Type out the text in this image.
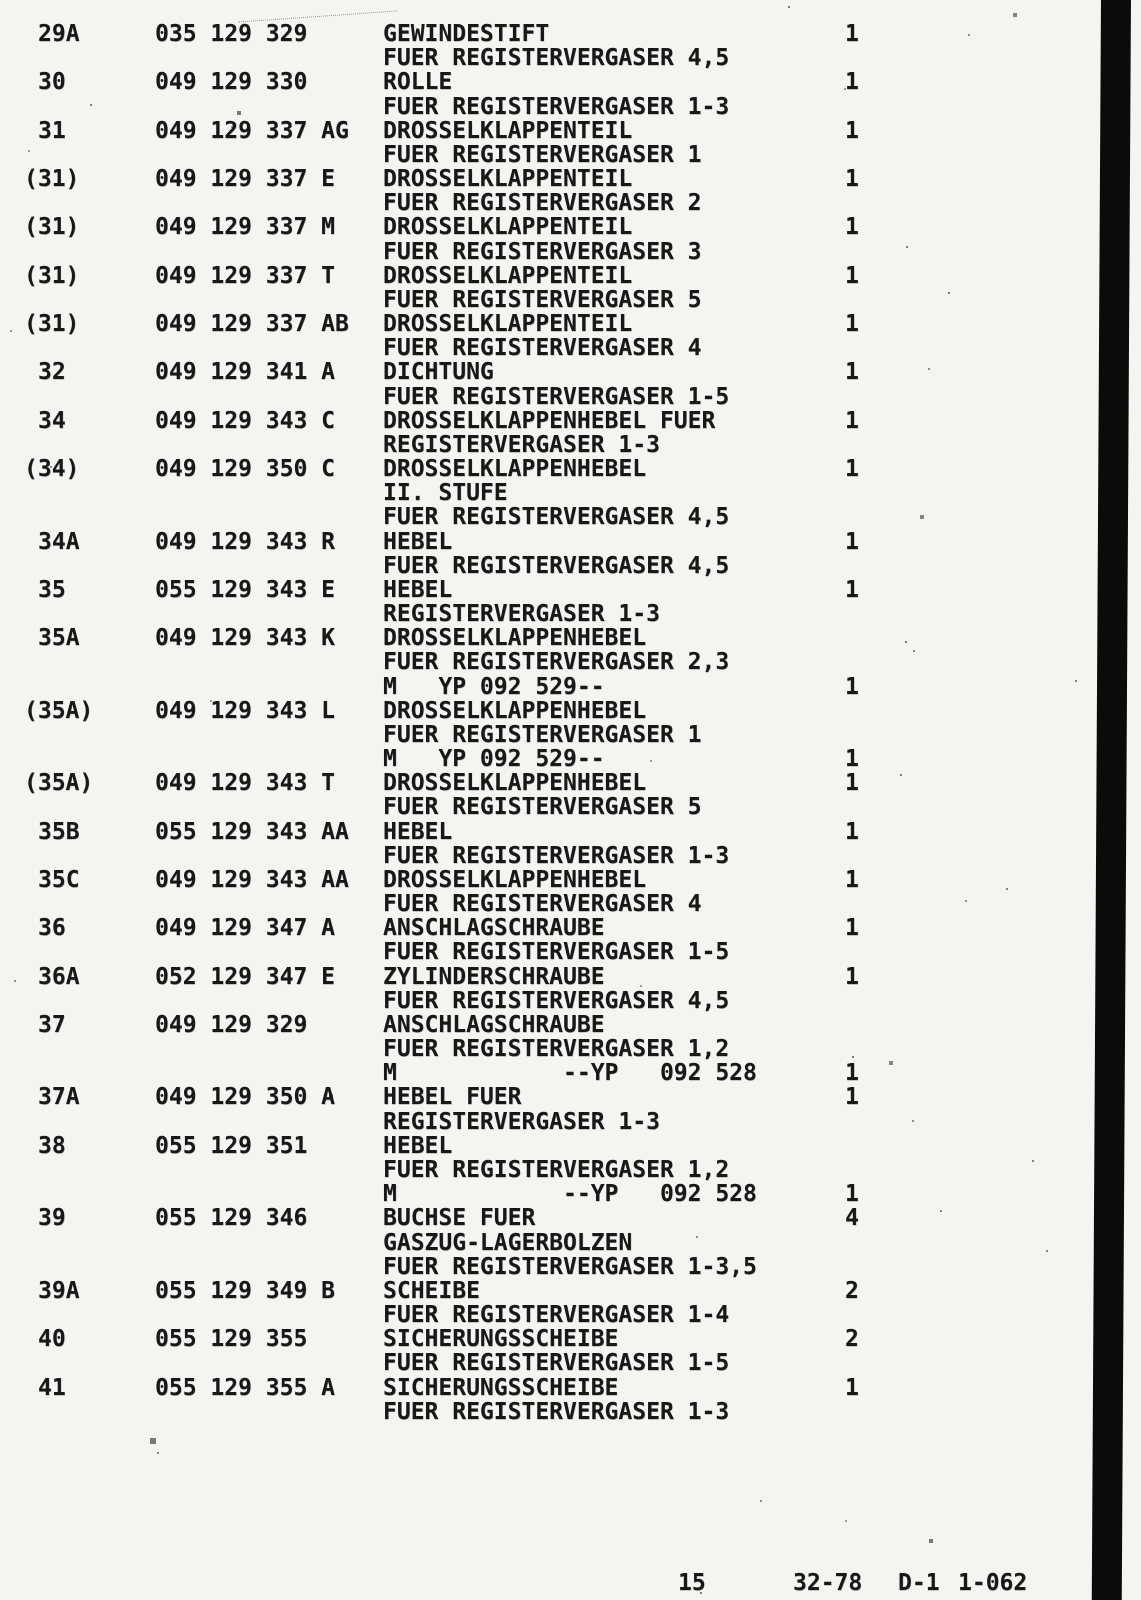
29A	035 129 329	GEWINDESTIFT	1
FUER REGISTERVERGASER 4,5
30	049 129 330	ROLLE	1
FUER REGISTERVERGASER 1-3
31	049 129 337 AG DROSSELKLAPPENTEIL	1
FUER REGISTERVERGASER 1
(31)	049 129 337 E DROSSELKLAPPENTEIL	1
FUER REGISTERVERGASER 2
(31)	049 129 337 M DROSSELKLAPPENTEIL	1
FUER REGISTERVERGASER 3
(31)	049 129 337 T DROSSELKLAPPENTEIL	1
FUER REGISTERVERGASER 5
(31)	049 129 337 AB DROSSELKLAPPENTEIL	1
FUER REGISTERVERGASER 4
32	049 129 341 A DICHTUNG	1
FUER REGISTERVERGASER 1-5
34	049 129 343 C DROSSELKLAPPENHEBEL FUER	1
REGISTERVERGASER 1-3
(34)	049 129 350 C DROSSELKLAPPENHEBEL	1
II. STUFE
FUER REGISTERVERGASER 4,5
34A	049 129 343 R HEBEL	1
FUER REGISTERVERGASER 4,5
35	055 129 343 E HEBEL	1
REGISTERVERGASER 1-3
35A	049 129 343 K DROSSELKLAPPENHEBEL
FUER REGISTERVERGASER 2,3
M   YP 092 529--	1
(35A)	049 129 343 L DROSSELKLAPPENHEBEL
FUER REGISTERVERGASER 1
M   YP 092 529--	1
(35A)	049 129 343 T DROSSELKLAPPENHEBEL	1
FUER REGISTERVERGASER 5
35B	055 129 343 AA HEBEL	1
FUER REGISTERVERGASER 1-3
35C	049 129 343 AA DROSSELKLAPPENHEBEL	1
FUER REGISTERVERGASER 4
36	049 129 347 A ANSCHLAGSCHRAUBE	1
FUER REGISTERVERGASER 1-5
36A	052 129 347 E ZYLINDERSCHRAUBE	1
FUER REGISTERVERGASER 4,5
37	049 129 329	ANSCHLAGSCHRAUBE
FUER REGISTERVERGASER 1,2
M            --YP   092 528	1
37A	049 129 350 A HEBEL FUER	1
REGISTERVERGASER 1-3
38	055 129 351	HEBEL
FUER REGISTERVERGASER 1,2
M            --YP   092 528	1
39	055 129 346	BUCHSE FUER	4
GASZUG-LAGERBOLZEN
FUER REGISTERVERGASER 1-3,5
39A	055 129 349 B SCHEIBE	2
FUER REGISTERVERGASER 1-4
40	055 129 355	SICHERUNGSSCHEIBE	2
FUER REGISTERVERGASER 1-5
41	055 129 355 A SICHERUNGSSCHEIBE	1
FUER REGISTERVERGASER 1-3
15	32-78 D-1 1-062
